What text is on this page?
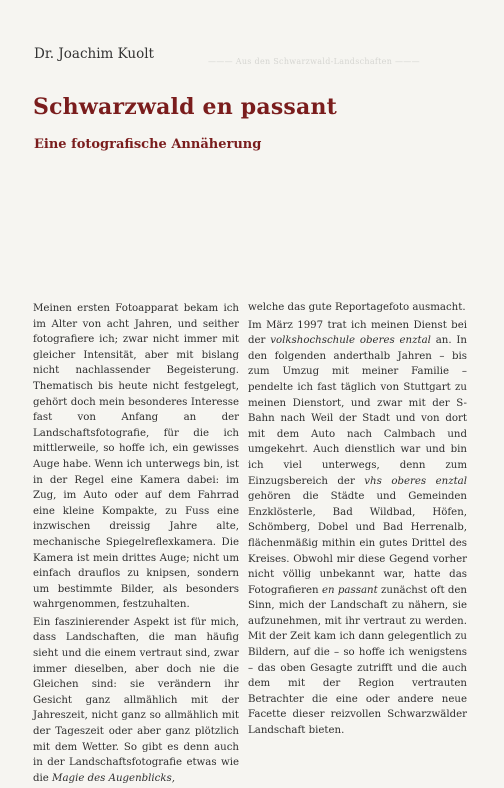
Dr. Joachim Kuolt	——— Aus den Schwarzwald-Landschaften ———
Schwarzwald en passant
Eine fotografische Annäherung

Meinen ersten Fotoapparat bekam ich im Alter von acht Jahren, und seither fotografiere ich; zwar nicht immer mit gleicher Intensität, aber mit bislang nicht nachlassender Begeisterung. Thematisch bis heute nicht festgelegt, gehört doch mein besonderes Interesse fast von Anfang an der Landschaftsfotografie, für die ich mittlerweile, so hoffe ich, ein gewisses Auge habe. Wenn ich unterwegs bin, ist in der Regel eine Kamera dabei: im Zug, im Auto oder auf dem Fahrrad eine kleine Kompakte, zu Fuss eine inzwischen dreissig Jahre alte, mechanische Spiegelreflexkamera. Die Kamera ist mein drittes Auge; nicht um einfach drauflos zu knipsen, sondern um bestimmte Bilder, als besonders wahrgenommen, festzuhalten.

Ein faszinierender Aspekt ist für mich, dass Landschaften, die man häufig sieht und die einem vertraut sind, zwar immer dieselben, aber doch nie die Gleichen sind: sie verändern ihr Gesicht ganz allmählich mit der Jahreszeit, nicht ganz so allmählich mit der Tageszeit oder aber ganz plötzlich mit dem Wetter. So gibt es denn auch in der Landschaftsfotografie etwas wie die Magie des Augenblicks,

welche das gute Reportagefoto ausmacht.

Im März 1997 trat ich meinen Dienst bei der volkshochschule oberes enztal an. In den folgenden anderthalb Jahren – bis zum Umzug mit meiner Familie – pendelte ich fast täglich von Stuttgart zu meinen Dienstort, und zwar mit der S-Bahn nach Weil der Stadt und von dort mit dem Auto nach Calmbach und umgekehrt. Auch dienstlich war und bin ich viel unterwegs, denn zum Einzugsbereich der vhs oberes enztal gehören die Städte und Gemeinden Enzklösterle, Bad Wildbad, Höfen, Schömberg, Dobel und Bad Herrenalb, flächenmäßig mithin ein gutes Drittel des Kreises. Obwohl mir diese Gegend vorher nicht völlig unbekannt war, hatte das Fotografieren en passant zunächst oft den Sinn, mich der Landschaft zu nähern, sie aufzunehmen, mit ihr vertraut zu werden. Mit der Zeit kam ich dann gelegentlich zu Bildern, auf die – so hoffe ich wenigstens – das oben Gesagte zutrifft und die auch dem mit der Region vertrauten Betrachter die eine oder andere neue Facette dieser reizvollen Schwarzwälder Landschaft bieten.
